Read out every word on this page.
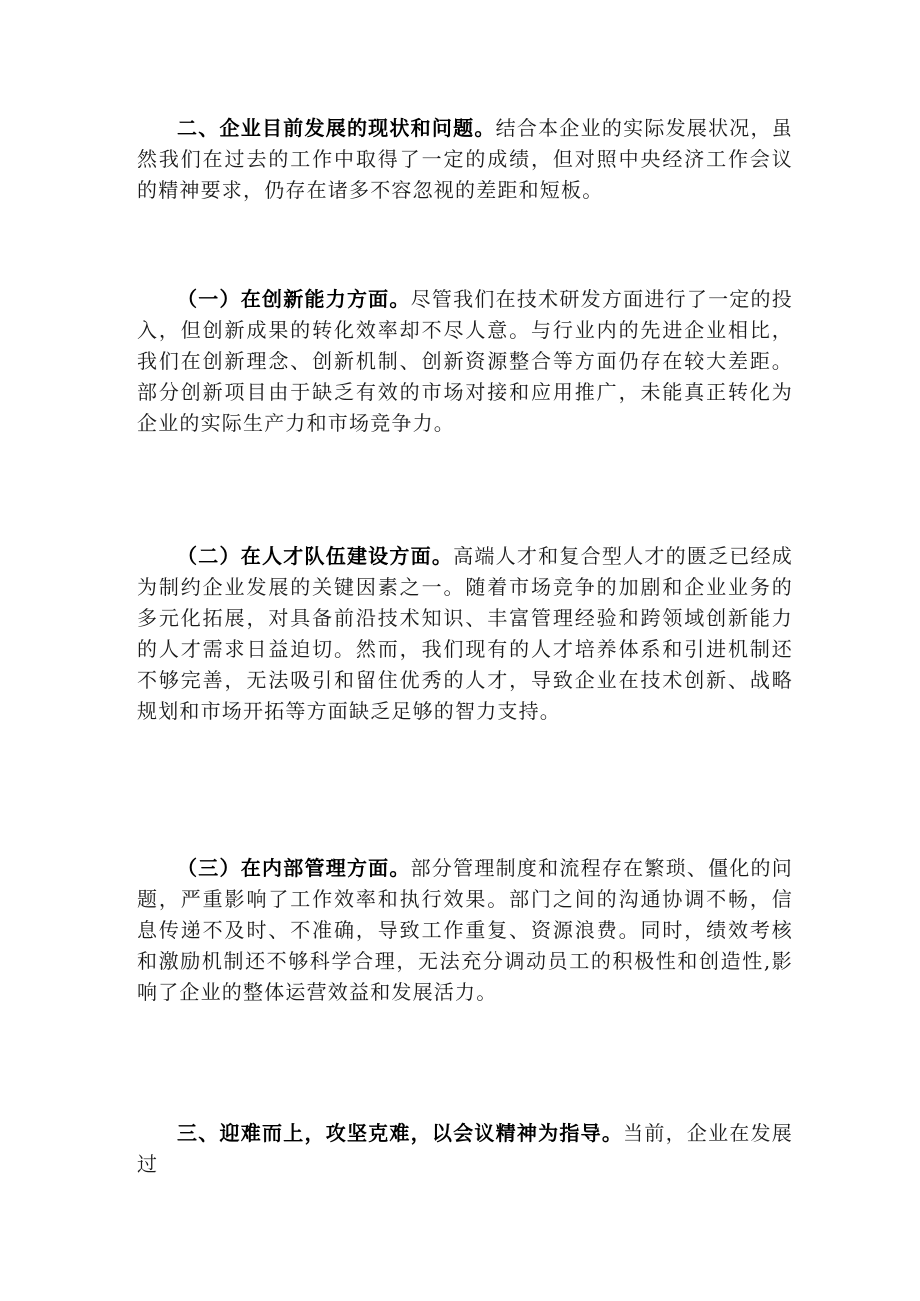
二、企业目前发展的现状和问题。结合本企业的实际发展状况，虽然我们在过去的工作中取得了一定的成绩，但对照中央经济工作会议的精神要求，仍存在诸多不容忽视的差距和短板。

（一）在创新能力方面。尽管我们在技术研发方面进行了一定的投入，但创新成果的转化效率却不尽人意。与行业内的先进企业相比，我们在创新理念、创新机制、创新资源整合等方面仍存在较大差距。部分创新项目由于缺乏有效的市场对接和应用推广，未能真正转化为企业的实际生产力和市场竞争力。

（二）在人才队伍建设方面。高端人才和复合型人才的匮乏已经成为制约企业发展的关键因素之一。随着市场竞争的加剧和企业业务的多元化拓展，对具备前沿技术知识、丰富管理经验和跨领域创新能力的人才需求日益迫切。然而，我们现有的人才培养体系和引进机制还不够完善，无法吸引和留住优秀的人才，导致企业在技术创新、战略规划和市场开拓等方面缺乏足够的智力支持。

（三）在内部管理方面。部分管理制度和流程存在繁琐、僵化的问题，严重影响了工作效率和执行效果。部门之间的沟通协调不畅，信息传递不及时、不准确，导致工作重复、资源浪费。同时，绩效考核和激励机制还不够科学合理，无法充分调动员工的积极性和创造性,影响了企业的整体运营效益和发展活力。

三、迎难而上，攻坚克难，以会议精神为指导。当前，企业在发展过
